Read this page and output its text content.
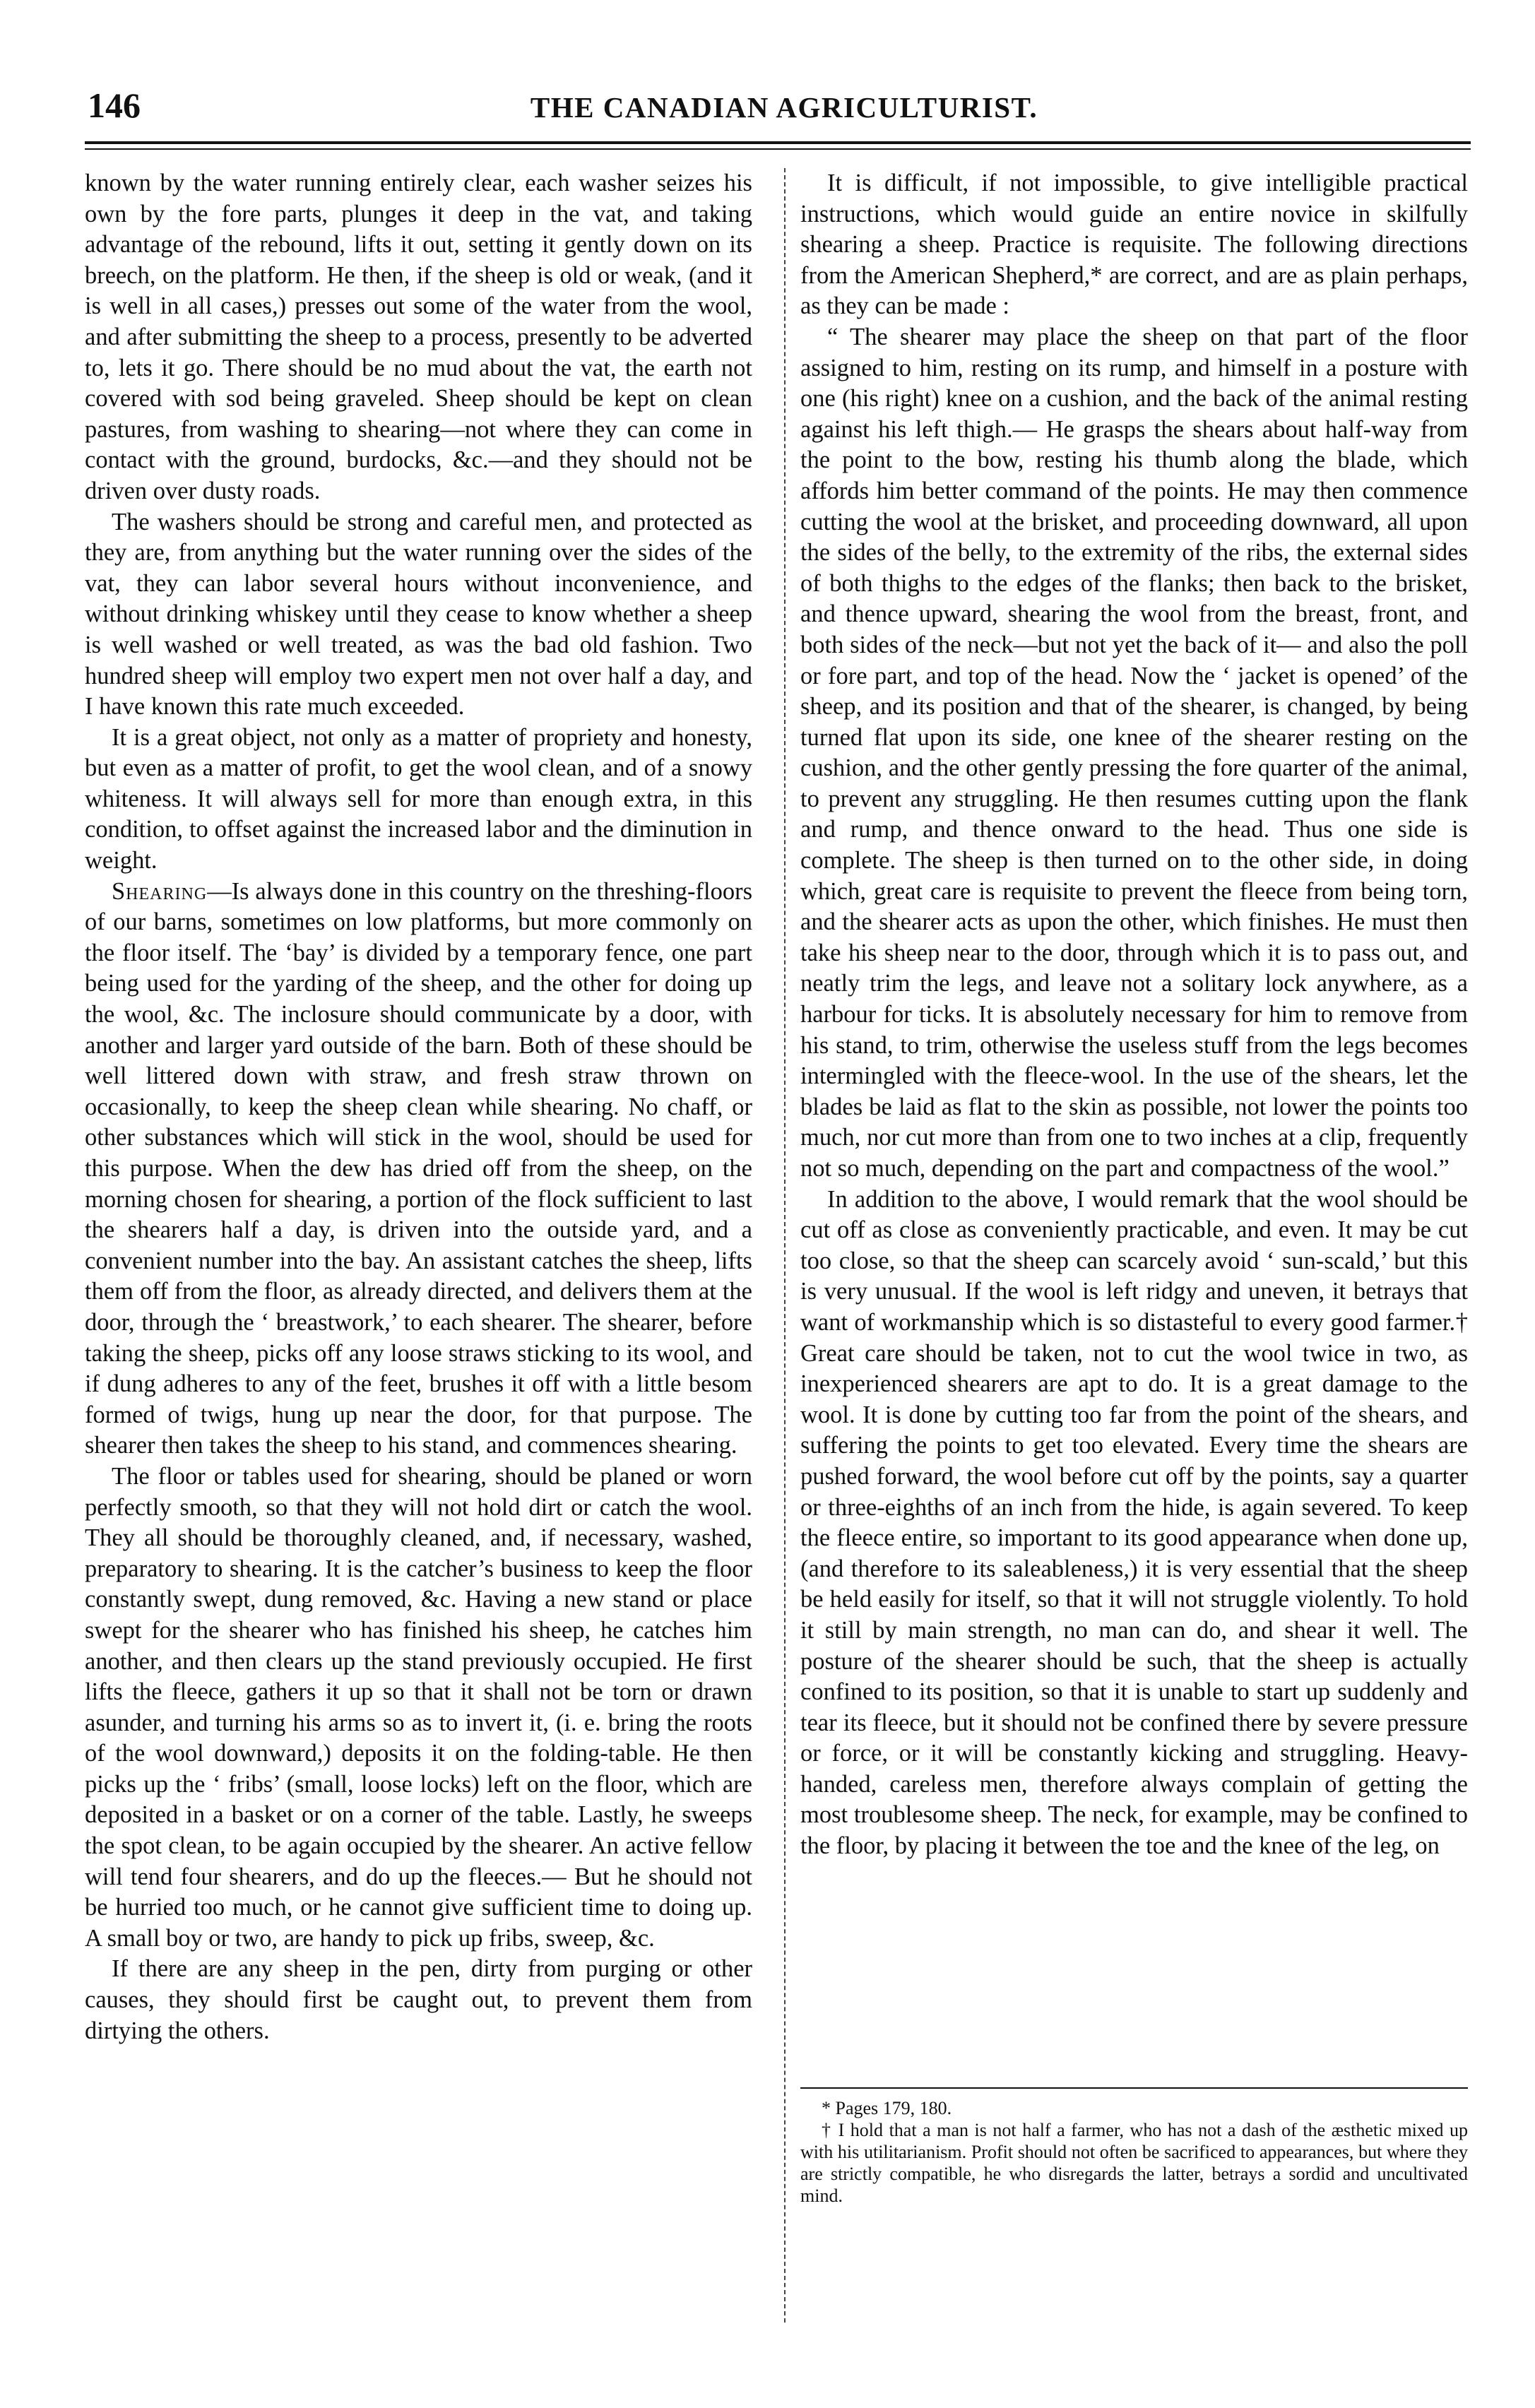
146	THE CANADIAN AGRICULTURIST.

known by the water running entirely clear, each washer seizes his own by the fore parts, plunges it deep in the vat, and taking advantage of the rebound, lifts it out, setting it gently down on its breech, on the platform. He then, if the sheep is old or weak, (and it is well in all cases,) presses out some of the water from the wool, and after submitting the sheep to a process, presently to be adverted to, lets it go. There should be no mud about the vat, the earth not covered with sod being graveled. Sheep should be kept on clean pastures, from washing to shearing—not where they can come in contact with the ground, burdocks, &c.—and they should not be driven over dusty roads.

The washers should be strong and careful men, and protected as they are, from anything but the water running over the sides of the vat, they can labor several hours without inconvenience, and without drinking whiskey until they cease to know whether a sheep is well washed or well treated, as was the bad old fashion. Two hundred sheep will employ two expert men not over half a day, and I have known this rate much exceeded.

It is a great object, not only as a matter of propriety and honesty, but even as a matter of profit, to get the wool clean, and of a snowy whiteness. It will always sell for more than enough extra, in this condition, to offset against the increased labor and the diminution in weight.

Shearing—Is always done in this country on the threshing-floors of our barns, sometimes on low platforms, but more commonly on the floor itself. The ‘bay’ is divided by a temporary fence, one part being used for the yarding of the sheep, and the other for doing up the wool, &c. The inclosure should communicate by a door, with another and larger yard outside of the barn. Both of these should be well littered down with straw, and fresh straw thrown on occasionally, to keep the sheep clean while shearing. No chaff, or other substances which will stick in the wool, should be used for this purpose. When the dew has dried off from the sheep, on the morning chosen for shearing, a portion of the flock sufficient to last the shearers half a day, is driven into the outside yard, and a convenient number into the bay. An assistant catches the sheep, lifts them off from the floor, as already directed, and delivers them at the door, through the ‘ breastwork,’ to each shearer. The shearer, before taking the sheep, picks off any loose straws sticking to its wool, and if dung adheres to any of the feet, brushes it off with a little besom formed of twigs, hung up near the door, for that purpose. The shearer then takes the sheep to his stand, and commences shearing.

The floor or tables used for shearing, should be planed or worn perfectly smooth, so that they will not hold dirt or catch the wool. They all should be thoroughly cleaned, and, if necessary, washed, preparatory to shearing. It is the catcher’s business to keep the floor constantly swept, dung removed, &c. Having a new stand or place swept for the shearer who has finished his sheep, he catches him another, and then clears up the stand previously occupied. He first lifts the fleece, gathers it up so that it shall not be torn or drawn asunder, and turning his arms so as to invert it, (i. e. bring the roots of the wool downward,) deposits it on the folding-table. He then picks up the ‘ fribs’ (small, loose locks) left on the floor, which are deposited in a basket or on a corner of the table. Lastly, he sweeps the spot clean, to be again occupied by the shearer. An active fellow will tend four shearers, and do up the fleeces.— But he should not be hurried too much, or he cannot give sufficient time to doing up. A small boy or two, are handy to pick up fribs, sweep, &c.

If there are any sheep in the pen, dirty from purging or other causes, they should first be caught out, to prevent them from dirtying the others.

It is difficult, if not impossible, to give intelligible practical instructions, which would guide an entire novice in skilfully shearing a sheep. Practice is requisite. The following directions from the American Shepherd,* are correct, and are as plain perhaps, as they can be made :

“ The shearer may place the sheep on that part of the floor assigned to him, resting on its rump, and himself in a posture with one (his right) knee on a cushion, and the back of the animal resting against his left thigh.— He grasps the shears about half-way from the point to the bow, resting his thumb along the blade, which affords him better command of the points. He may then commence cutting the wool at the brisket, and proceeding downward, all upon the sides of the belly, to the extremity of the ribs, the external sides of both thighs to the edges of the flanks; then back to the brisket, and thence upward, shearing the wool from the breast, front, and both sides of the neck—but not yet the back of it— and also the poll or fore part, and top of the head. Now the ‘ jacket is opened’ of the sheep, and its position and that of the shearer, is changed, by being turned flat upon its side, one knee of the shearer resting on the cushion, and the other gently pressing the fore quarter of the animal, to prevent any struggling. He then resumes cutting upon the flank and rump, and thence onward to the head. Thus one side is complete. The sheep is then turned on to the other side, in doing which, great care is requisite to prevent the fleece from being torn, and the shearer acts as upon the other, which finishes. He must then take his sheep near to the door, through which it is to pass out, and neatly trim the legs, and leave not a solitary lock anywhere, as a harbour for ticks. It is absolutely necessary for him to remove from his stand, to trim, otherwise the useless stuff from the legs becomes intermingled with the fleece-wool. In the use of the shears, let the blades be laid as flat to the skin as possible, not lower the points too much, nor cut more than from one to two inches at a clip, frequently not so much, depending on the part and compactness of the wool.”

In addition to the above, I would remark that the wool should be cut off as close as conveniently practicable, and even. It may be cut too close, so that the sheep can scarcely avoid ‘ sun-scald,’ but this is very unusual. If the wool is left ridgy and uneven, it betrays that want of workmanship which is so distasteful to every good farmer.† Great care should be taken, not to cut the wool twice in two, as inexperienced shearers are apt to do. It is a great damage to the wool. It is done by cutting too far from the point of the shears, and suffering the points to get too elevated. Every time the shears are pushed forward, the wool before cut off by the points, say a quarter or three-eighths of an inch from the hide, is again severed. To keep the fleece entire, so important to its good appearance when done up, (and therefore to its saleableness,) it is very essential that the sheep be held easily for itself, so that it will not struggle violently. To hold it still by main strength, no man can do, and shear it well. The posture of the shearer should be such, that the sheep is actually confined to its position, so that it is unable to start up suddenly and tear its fleece, but it should not be confined there by severe pressure or force, or it will be constantly kicking and struggling. Heavy-handed, careless men, therefore always complain of getting the most troublesome sheep. The neck, for example, may be confined to the floor, by placing it between the toe and the knee of the leg, on

* Pages 179, 180.

† I hold that a man is not half a farmer, who has not a dash of the æsthetic mixed up with his utilitarianism. Profit should not often be sacrificed to appearances, but where they are strictly compatible, he who disregards the latter, betrays a sordid and uncultivated mind.
